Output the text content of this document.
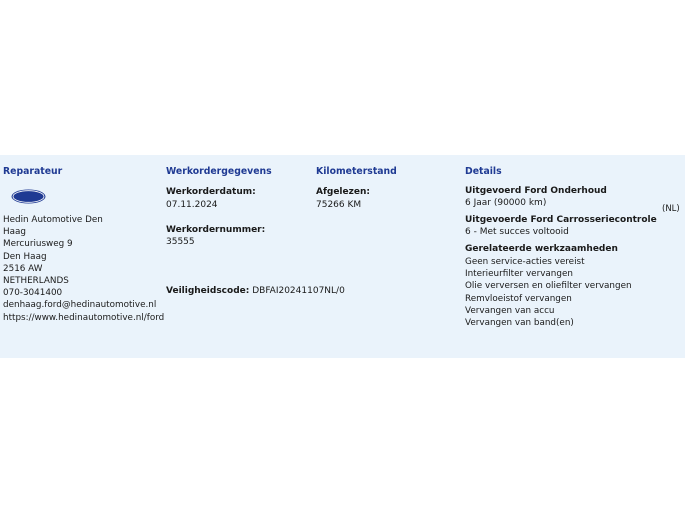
Reparateur
Hedin Automotive Den
Haag
Mercuriusweg 9
Den Haag
2516 AW
NETHERLANDS
070-3041400
denhaag.ford@hedinautomotive.nl
https://www.hedinautomotive.nl/ford
Werkordergegevens
Werkorderdatum:
07.11.2024
Werkordernummer:
35555
Veiligheidscode: DBFAI20241107NL/0
Kilometerstand
Afgelezen:
75266 KM
Details
Uitgevoerd Ford Onderhoud
6 Jaar (90000 km)
(NL)
Uitgevoerde Ford Carrosseriecontrole
6 - Met succes voltooid
Gerelateerde werkzaamheden
Geen service-acties vereist
Interieurfilter vervangen
Olie verversen en oliefilter vervangen
Remvloeistof vervangen
Vervangen van accu
Vervangen van band(en)
